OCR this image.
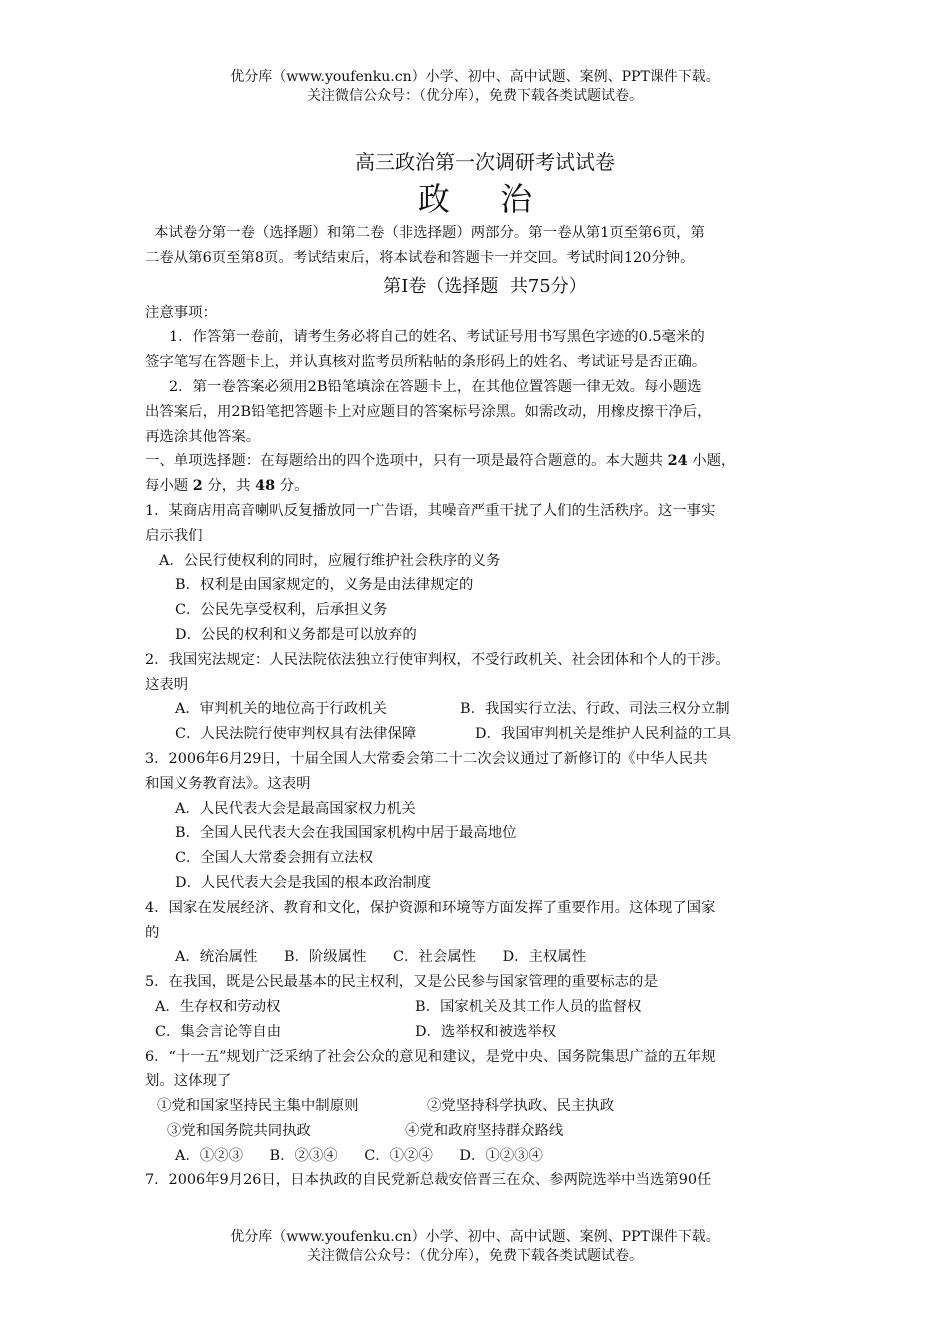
优分库（www.youfenku.cn）小学、初中、高中试题、案例、PPT课件下载。
关注微信公众号：（优分库），免费下载各类试题试卷。
高三政治第一次调研考试试卷
政 治
本试卷分第一卷（选择题）和第二卷（非选择题）两部分。第一卷从第1页至第6页，第
二卷从第6页至第8页。考试结束后，将本试卷和答题卡一并交回。考试时间120分钟。
第Ⅰ卷（选择题  共75分）
注意事项：
1．作答第一卷前，请考生务必将自己的姓名、考试证号用书写黑色字迹的0.5毫米的
签字笔写在答题卡上，并认真核对监考员所粘帖的条形码上的姓名、考试证号是否正确。
2．第一卷答案必须用2B铅笔填涂在答题卡上，在其他位置答题一律无效。每小题选
出答案后，用2B铅笔把答题卡上对应题目的答案标号涂黑。如需改动，用橡皮擦干净后，
再选涂其他答案。
一、单项选择题：在每题给出的四个选项中，只有一项是最符合题意的。本大题共 24 小题，
每小题 2 分，共 48 分。
1．某商店用高音喇叭反复播放同一广告语，其噪音严重干扰了人们的生活秩序。这一事实
启示我们
A．公民行使权利的同时，应履行维护社会秩序的义务
B．权利是由国家规定的，义务是由法律规定的
C．公民先享受权利，后承担义务
D．公民的权利和义务都是可以放弃的
2．我国宪法规定：人民法院依法独立行使审判权，不受行政机关、社会团体和个人的干涉。
这表明
A．审判机关的地位高于行政机关	B．我国实行立法、行政、司法三权分立制
C．人民法院行使审判权具有法律保障	D．我国审判机关是维护人民利益的工具
3．2006年6月29日，十届全国人大常委会第二十二次会议通过了新修订的《中华人民共
和国义务教育法》。这表明
A．人民代表大会是最高国家权力机关
B．全国人民代表大会在我国国家机构中居于最高地位
C．全国人大常委会拥有立法权
D．人民代表大会是我国的根本政治制度
4．国家在发展经济、教育和文化，保护资源和环境等方面发挥了重要作用。这体现了国家
的
A．统治属性 B．阶级属性 C．社会属性 D．主权属性
5．在我国，既是公民最基本的民主权利，又是公民参与国家管理的重要标志的是
A．生存权和劳动权	B．国家机关及其工作人员的监督权
C．集会言论等自由	D．选举权和被选举权
6．“十一五”规划广泛采纳了社会公众的意见和建议，是党中央、国务院集思广益的五年规
划。这体现了
①党和国家坚持民主集中制原则	②党坚持科学执政、民主执政
③党和国务院共同执政	④党和政府坚持群众路线
A．①②③ B．②③④ C．①②④ D．①②③④
7．2006年9月26日，日本执政的自民党新总裁安倍晋三在众、参两院选举中当选第90任
优分库（www.youfenku.cn）小学、初中、高中试题、案例、PPT课件下载。
关注微信公众号：（优分库），免费下载各类试题试卷。
